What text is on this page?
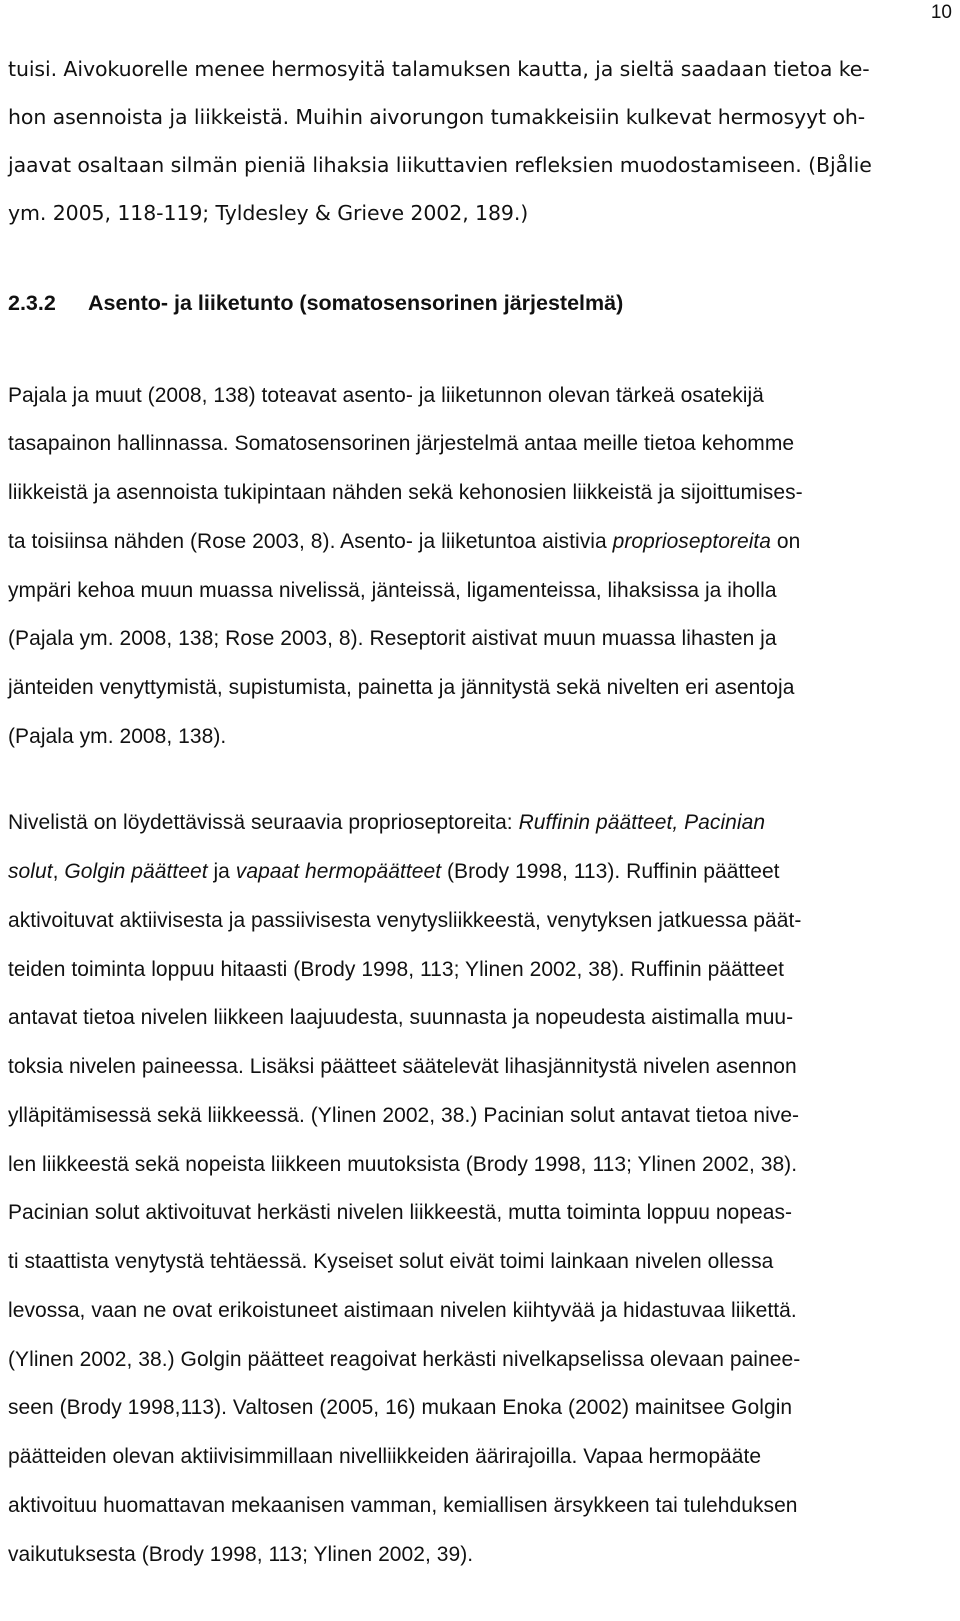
10
tuisi. Aivokuorelle menee hermosyitä talamuksen kautta, ja sieltä saadaan tietoa ke-
hon asennoista ja liikkeistä. Muihin aivorungon tumakkeisiin kulkevat hermosyyt oh-
jaavat osaltaan silmän pieniä lihaksia liikuttavien refleksien muodostamiseen. (Bjålie
ym. 2005, 118-119; Tyldesley & Grieve 2002, 189.)
2.3.2 Asento- ja liiketunto (somatosensorinen järjestelmä)
Pajala ja muut (2008, 138) toteavat asento- ja liiketunnon olevan tärkeä osatekijä
tasapainon hallinnassa. Somatosensorinen järjestelmä antaa meille tietoa kehomme
liikkeistä ja asennoista tukipintaan nähden sekä kehonosien liikkeistä ja sijoittumises-
ta toisiinsa nähden (Rose 2003, 8). Asento- ja liiketuntoa aistivia proprioseptoreita on
ympäri kehoa muun muassa nivelissä, jänteissä, ligamenteissa, lihaksissa ja iholla
(Pajala ym. 2008, 138; Rose 2003, 8). Reseptorit aistivat muun muassa lihasten ja
jänteiden venyttymistä, supistumista, painetta ja jännitystä sekä nivelten eri asentoja
(Pajala ym. 2008, 138).
Nivelistä on löydettävissä seuraavia proprioseptoreita: Ruffinin päätteet, Pacinian
solut, Golgin päätteet ja vapaat hermopäätteet (Brody 1998, 113). Ruffinin päätteet
aktivoituvat aktiivisesta ja passiivisesta venytysliikkeestä, venytyksen jatkuessa päät-
teiden toiminta loppuu hitaasti (Brody 1998, 113; Ylinen 2002, 38). Ruffinin päätteet
antavat tietoa nivelen liikkeen laajuudesta, suunnasta ja nopeudesta aistimalla muu-
toksia nivelen paineessa. Lisäksi päätteet säätelevät lihasjännitystä nivelen asennon
ylläpitämisessä sekä liikkeessä. (Ylinen 2002, 38.) Pacinian solut antavat tietoa nive-
len liikkeestä sekä nopeista liikkeen muutoksista (Brody 1998, 113; Ylinen 2002, 38).
Pacinian solut aktivoituvat herkästi nivelen liikkeestä, mutta toiminta loppuu nopeas-
ti staattista venytystä tehtäessä. Kyseiset solut eivät toimi lainkaan nivelen ollessa
levossa, vaan ne ovat erikoistuneet aistimaan nivelen kiihtyvää ja hidastuvaa liikettä.
(Ylinen 2002, 38.) Golgin päätteet reagoivat herkästi nivelkapselissa olevaan painee-
seen (Brody 1998,113). Valtosen (2005, 16) mukaan Enoka (2002) mainitsee Golgin
päätteiden olevan aktiivisimmillaan nivelliikkeiden äärirajoilla. Vapaa hermopääte
aktivoituu huomattavan mekaanisen vamman, kemiallisen ärsykkeen tai tulehduksen
vaikutuksesta (Brody 1998, 113; Ylinen 2002, 39).
